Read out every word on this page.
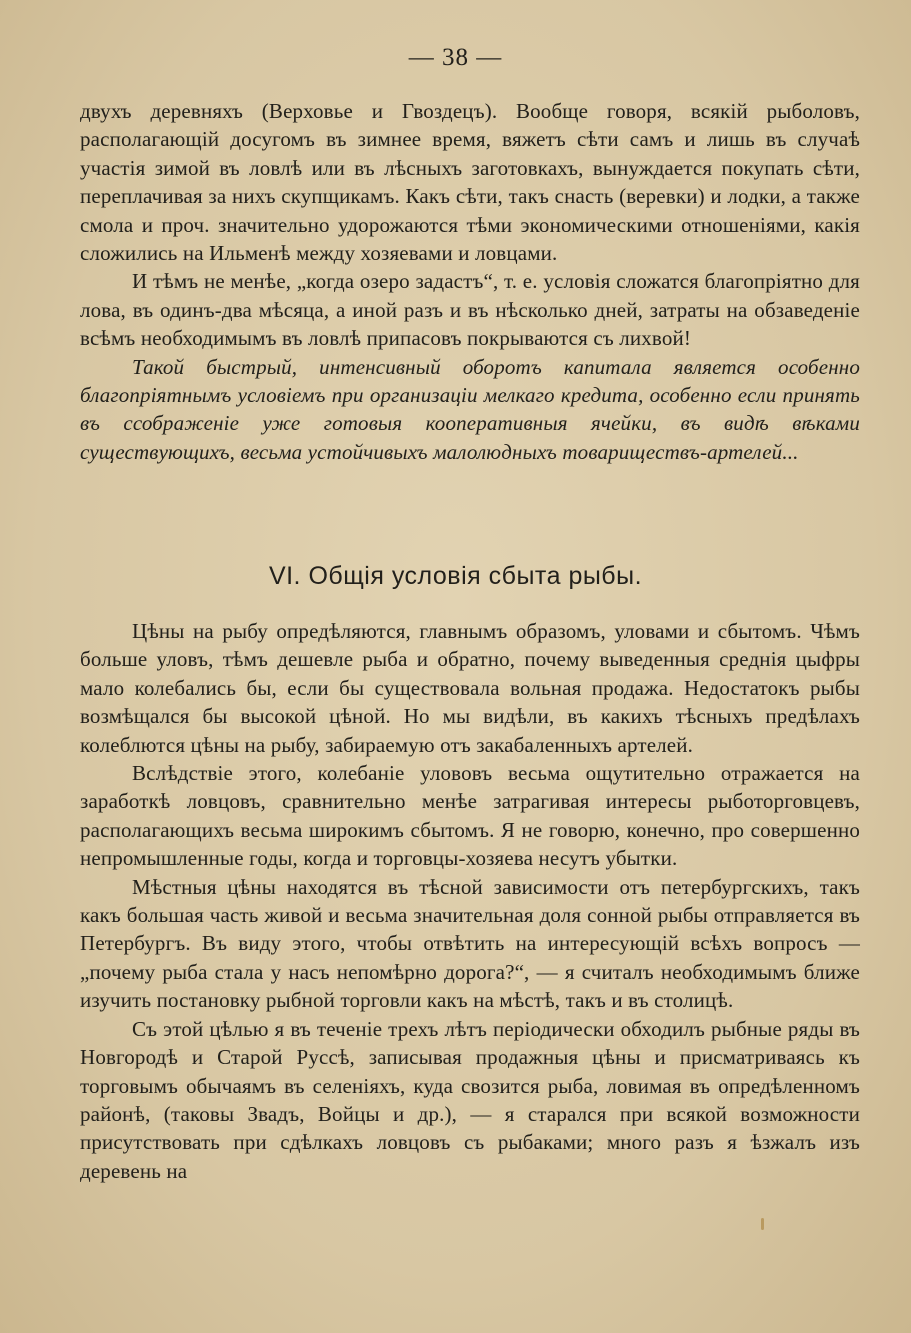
— 38 —

двухъ деревняхъ (Верховье и Гвоздецъ). Вообще говоря, всякій рыболовъ, располагающій досугомъ въ зимнее время, вяжетъ сѣти самъ и лишь въ случаѣ участія зимой въ ловлѣ или въ лѣсныхъ заготовкахъ, вынуждается покупать сѣти, переплачивая за нихъ скупщикамъ. Какъ сѣти, такъ снасть (веревки) и лодки, а также смола и проч. значительно удорожаются тѣми экономическими отношеніями, какія сложились на Ильменѣ между хозяевами и ловцами.

И тѣмъ не менѣе, „когда озеро задастъ“, т. е. условія сложатся благопріятно для лова, въ одинъ-два мѣсяца, а иной разъ и въ нѣсколько дней, затраты на обзаведеніе всѣмъ необходимымъ въ ловлѣ припасовъ покрываются съ лихвой!

Такой быстрый, интенсивный оборотъ капитала является особенно благопріятнымъ условіемъ при организаціи мелкаго кредита, особенно если принять въ ссображеніе уже готовыя кооперативныя ячейки, въ видѣ вѣками существующихъ, весьма устойчивыхъ малолюдныхъ товариществъ-артелей...

VI. Общія условія сбыта рыбы.

Цѣны на рыбу опредѣляются, главнымъ образомъ, уловами и сбытомъ. Чѣмъ больше уловъ, тѣмъ дешевле рыба и обратно, почему выведенныя среднія цыфры мало колебались бы, если бы существовала вольная продажа. Недостатокъ рыбы возмѣщался бы высокой цѣной. Но мы видѣли, въ какихъ тѣсныхъ предѣлахъ колеблются цѣны на рыбу, забираемую отъ закабаленныхъ артелей.

Вслѣдствіе этого, колебаніе улововъ весьма ощутительно отражается на заработкѣ ловцовъ, сравнительно менѣе затрагивая интересы рыботорговцевъ, располагающихъ весьма широкимъ сбытомъ. Я не говорю, конечно, про совершенно непромышленные годы, когда и торговцы-хозяева несутъ убытки.

Мѣстныя цѣны находятся въ тѣсной зависимости отъ петербургскихъ, такъ какъ большая часть живой и весьма значительная доля сонной рыбы отправляется въ Петербургъ. Въ виду этого, чтобы отвѣтить на интересующій всѣхъ вопросъ — „почему рыба стала у насъ непомѣрно дорога?“, — я считалъ необходимымъ ближе изучить постановку рыбной торговли какъ на мѣстѣ, такъ и въ столицѣ.

Съ этой цѣлью я въ теченіе трехъ лѣтъ періодически обходилъ рыбные ряды въ Новгородѣ и Старой Руссѣ, записывая продажныя цѣны и присматриваясь къ торговымъ обычаямъ въ селеніяхъ, куда свозится рыба, ловимая въ опредѣленномъ районѣ, (таковы Звадъ, Войцы и др.), — я старался при всякой возможности присутствовать при сдѣлкахъ ловцовъ съ рыбаками; много разъ я ѣзжалъ изъ деревень на
